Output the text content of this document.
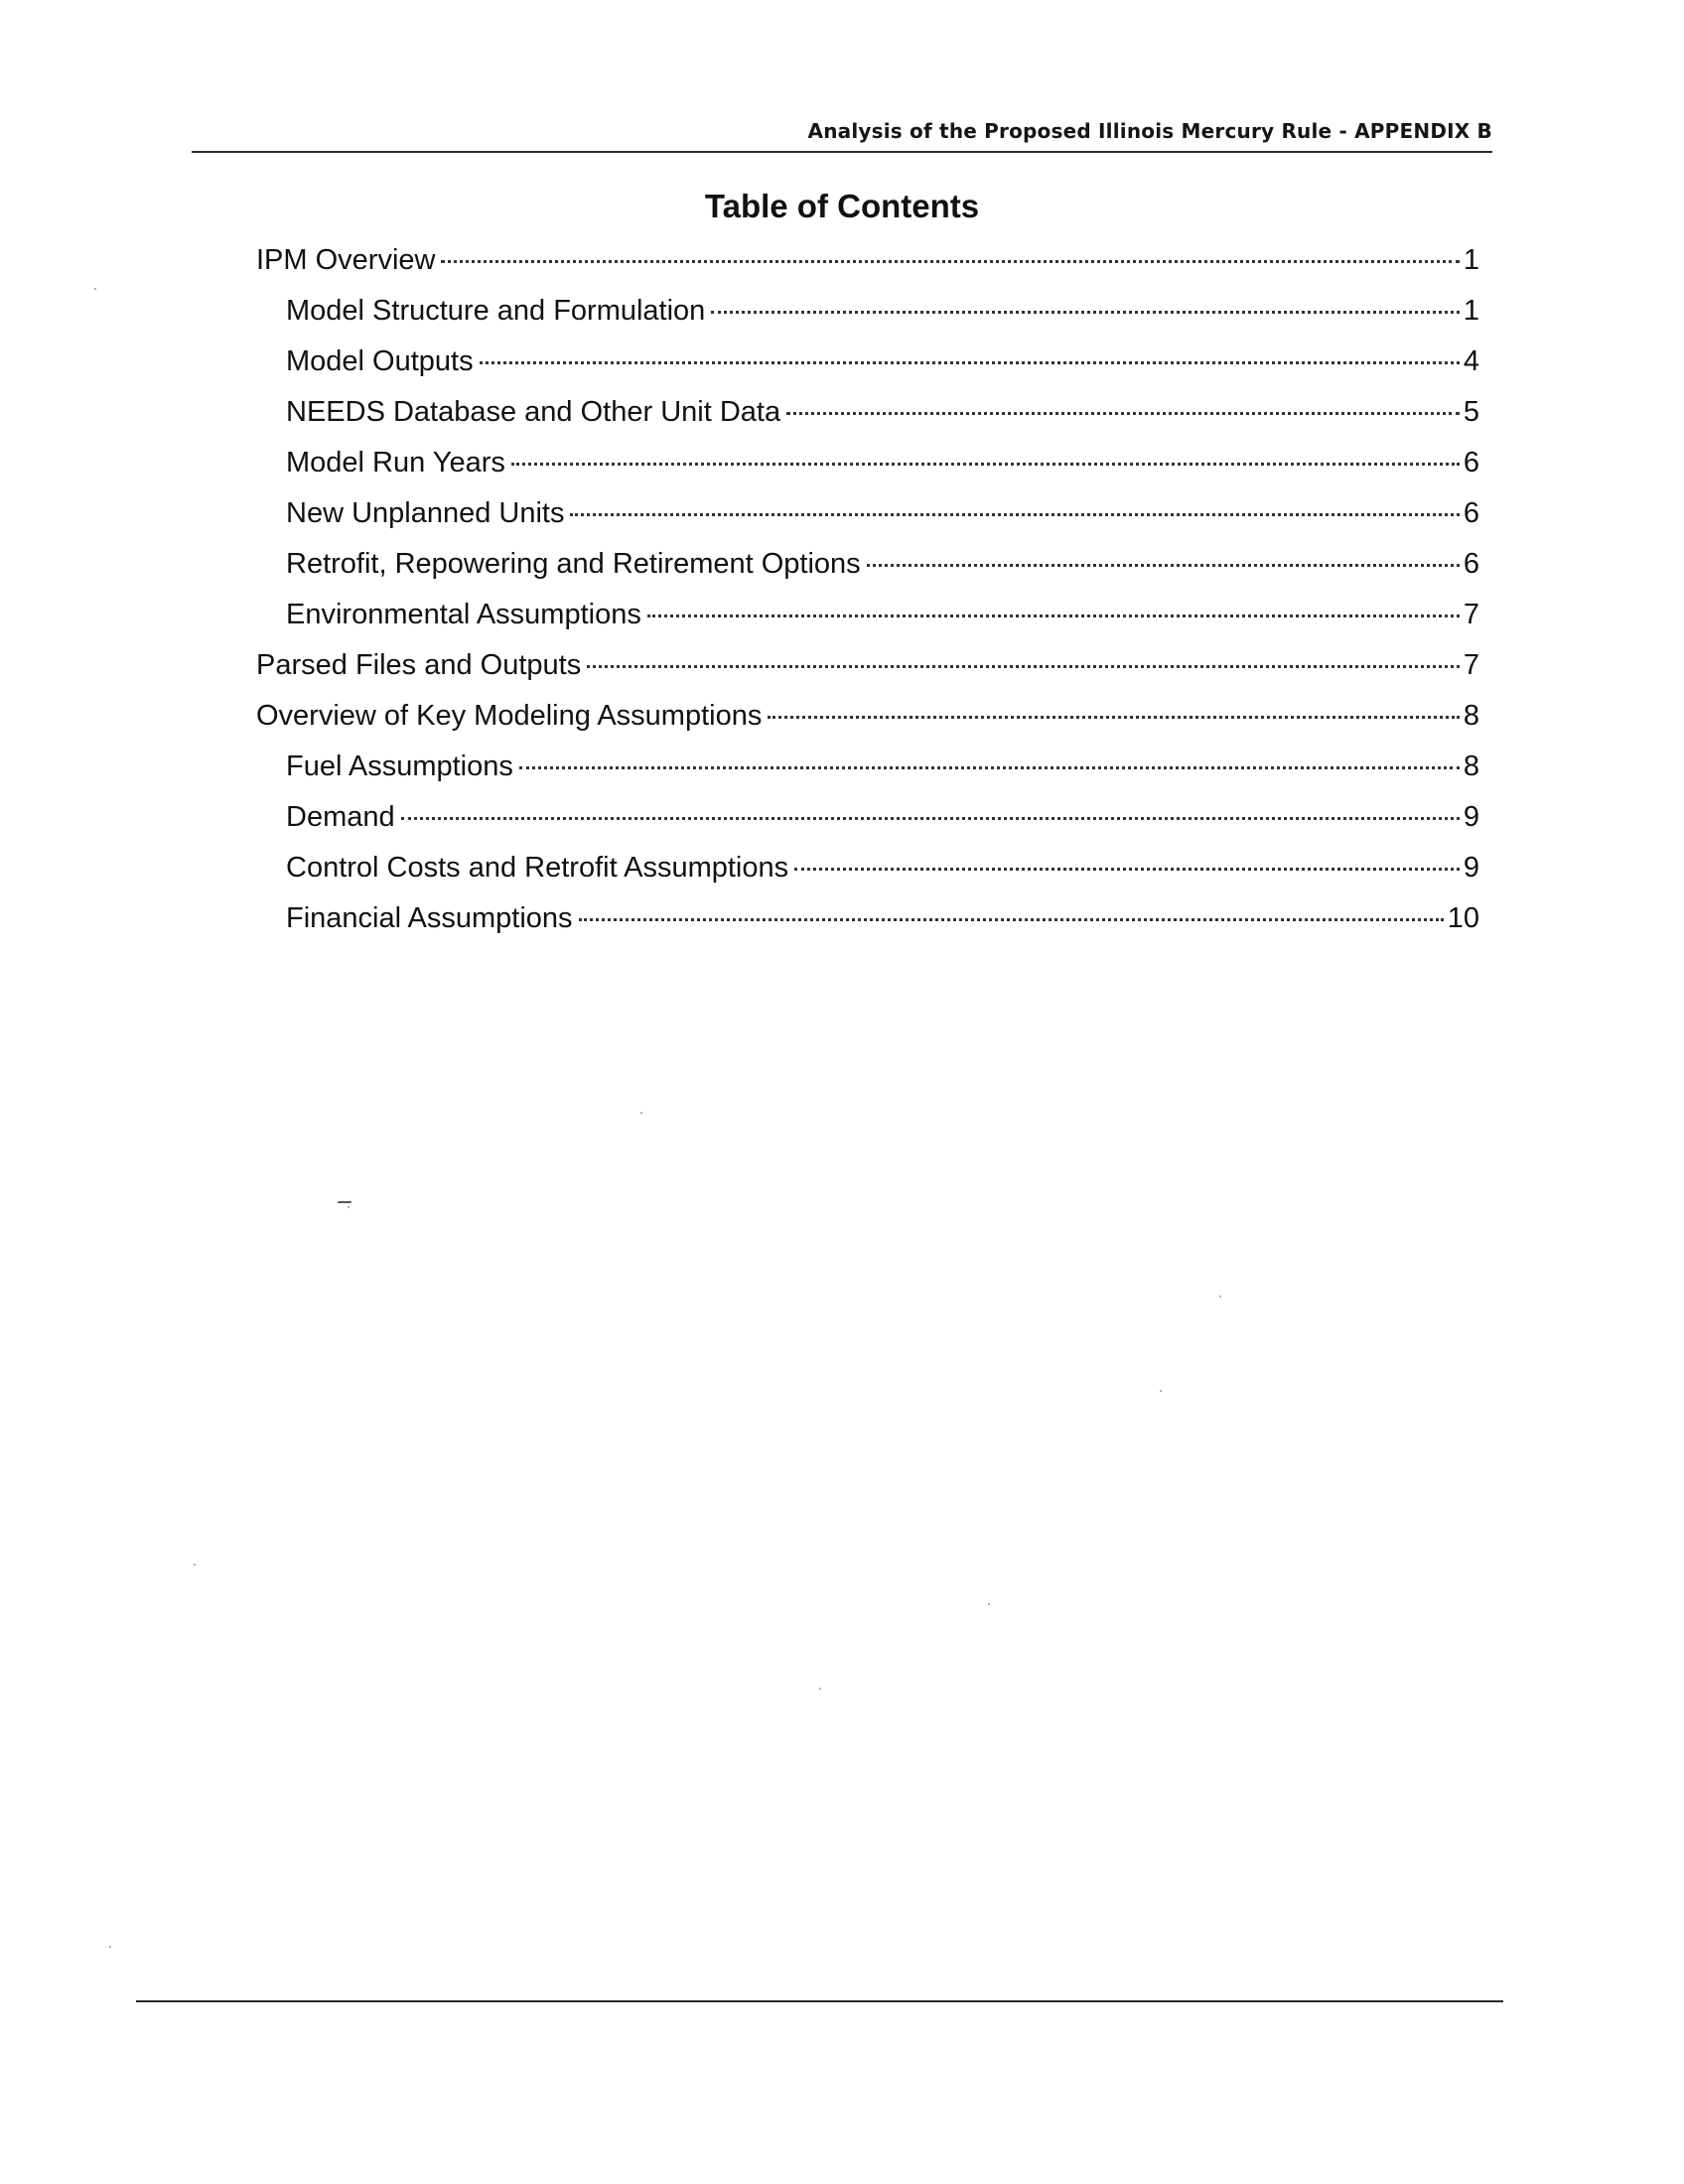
Analysis of the Proposed Illinois Mercury Rule - APPENDIX B
Table of Contents
IPM Overview	1
Model Structure and Formulation	1
Model Outputs	4
NEEDS Database and Other Unit Data	5
Model Run Years	6
New Unplanned Units	6
Retrofit, Repowering and Retirement Options	6
Environmental Assumptions	7
Parsed Files and Outputs	7
Overview of Key Modeling Assumptions	8
Fuel Assumptions	8
Demand	9
Control Costs and Retrofit Assumptions	9
Financial Assumptions	10
